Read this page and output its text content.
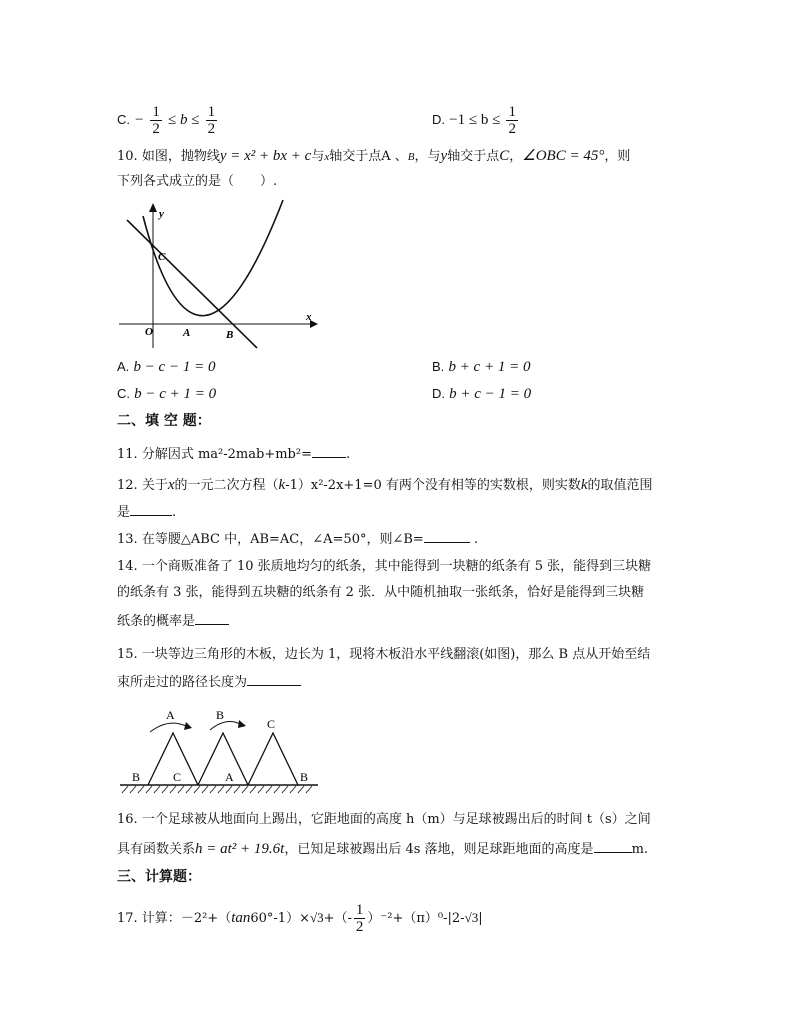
C. − $\frac{1}{2} \le b \le \frac{1}{2}$	D. $-1 \le b \le \frac{1}{2}$
10. 如图，抛物线y = x² + bx + c与x轴交于点A 、B，与y轴交于点C，∠OBC = 45°，则
下列各式成立的是（　　）.
y
x
O	A	B
C
A. b − c − 1 = 0	B. b + c + 1 = 0
C. b − c + 1 = 0	D. b + c − 1 = 0
二、填 空 题：
11. 分解因式 ma²-2mab+mb²=	.
12. 关于x的一元二次方程（k-1）x²-2x+1=0 有两个没有相等的实数根，则实数k的取值范围
是	.
13. 在等腰△ABC 中，AB=AC，∠A=50°，则∠B=	.
14. 一个商贩准备了 10 张质地均匀的纸条，其中能得到一块糖的纸条有 5 张，能得到三块糖
的纸条有 3 张，能得到五块糖的纸条有 2 张．从中随机抽取一张纸条，恰好是能得到三块糖
纸条的概率是
15. 一块等边三角形的木板，边长为 1，现将木板沿水平线翻滚(如图)，那么 B 点从开始至结
束所走过的路径长度为
A	B
C
B	C	A	B
16. 一个足球被从地面向上踢出，它距地面的高度 h（m）与足球被踢出后的时间 t（s）之间
具有函数关系h = at² + 19.6t，已知足球被踢出后 4s 落地，则足球距地面的高度是	m.
三、计算题：
17. 计算：$-2^2+(\tan 60^\circ-1)\times√3+(- \frac{1}{2} )^{-2}+(\pi)^0-|2-√3|$
